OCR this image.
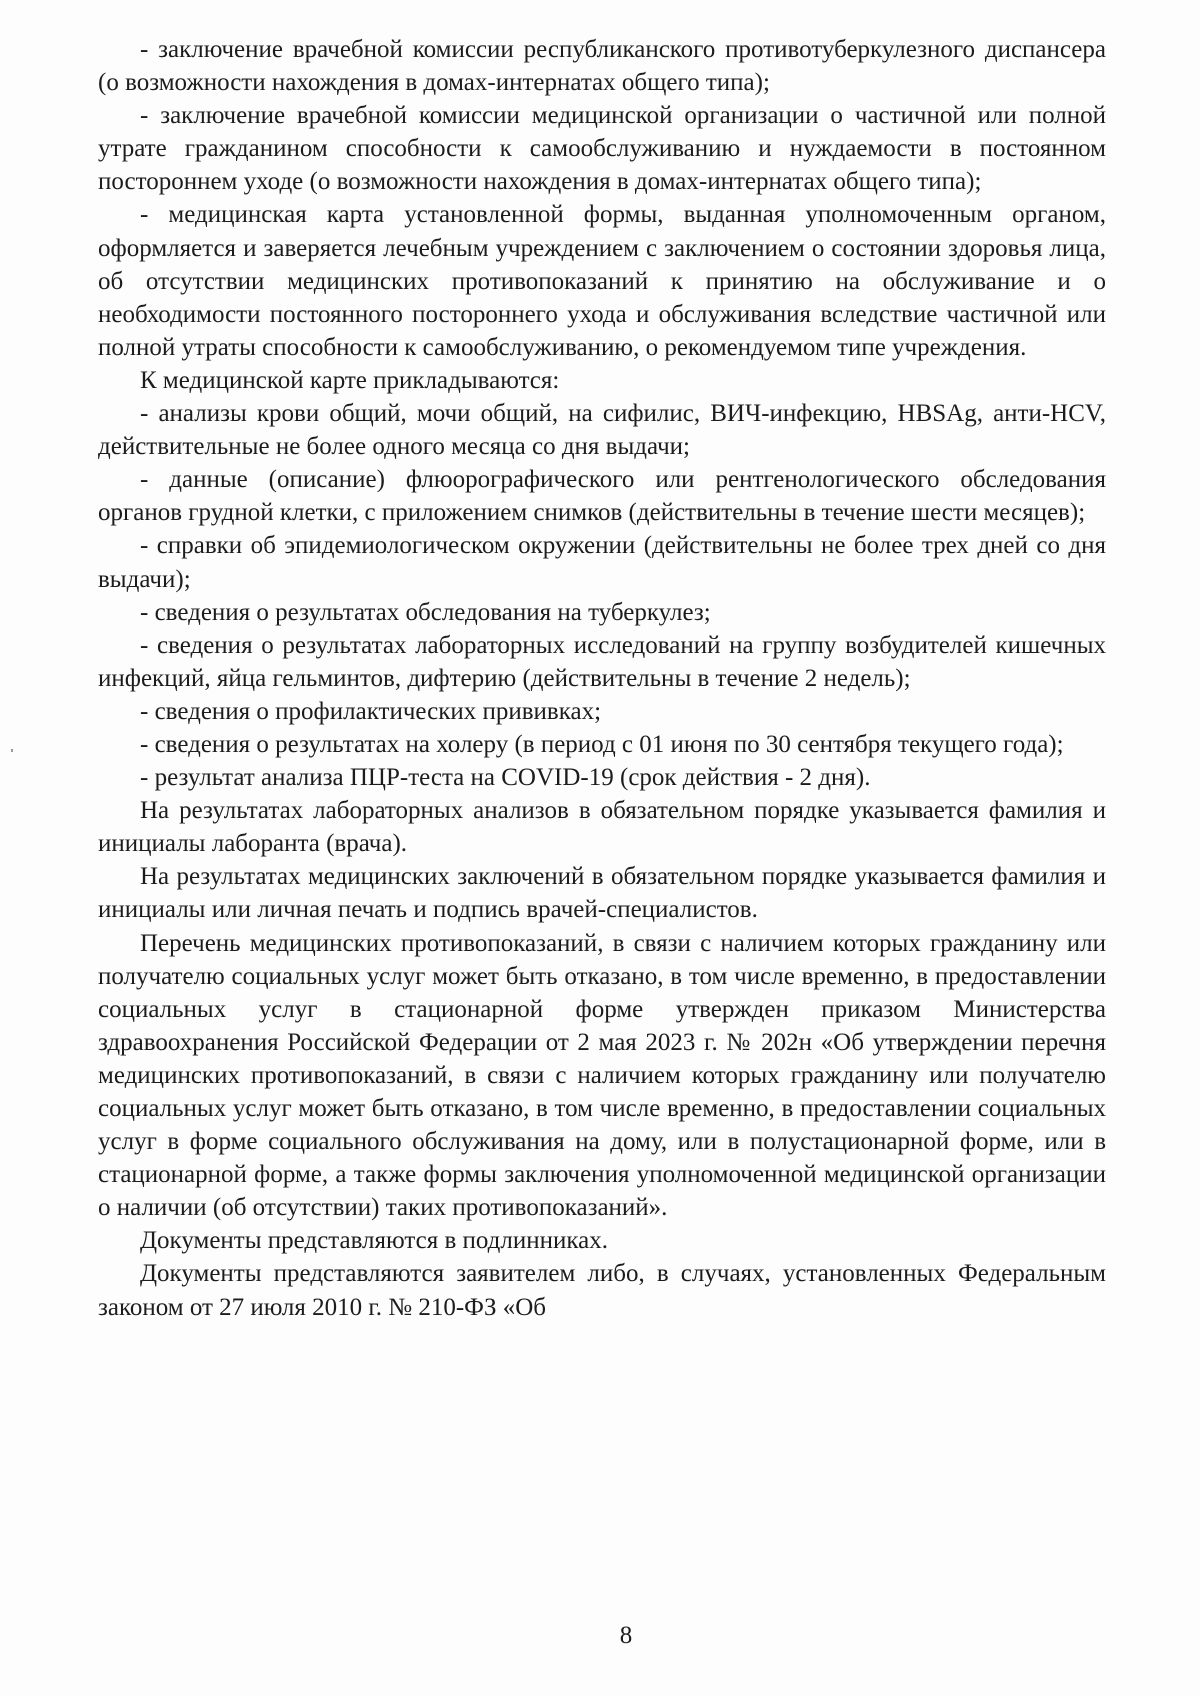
- заключение врачебной комиссии республиканского противотуберкулезного диспансера (о возможности нахождения в домах-интернатах общего типа);

- заключение врачебной комиссии медицинской организации о частичной или полной утрате гражданином способности к самообслуживанию и нуждаемости в постоянном постороннем уходе (о возможности нахождения в домах-интернатах общего типа);

- медицинская карта установленной формы, выданная уполномоченным органом, оформляется и заверяется лечебным учреждением с заключением о состоянии здоровья лица, об отсутствии медицинских противопоказаний к принятию на обслуживание и о необходимости постоянного постороннего ухода и обслуживания вследствие частичной или полной утраты способности к самообслуживанию, о рекомендуемом типе учреждения.

К медицинской карте прикладываются:

- анализы крови общий, мочи общий, на сифилис, ВИЧ-инфекцию, HBSAg, анти-HCV, действительные не более одного месяца со дня выдачи;

- данные (описание) флюорографического или рентгенологического обследования органов грудной клетки, с приложением снимков (действительны в течение шести месяцев);

- справки об эпидемиологическом окружении (действительны не более трех дней со дня выдачи);

- сведения о результатах обследования на туберкулез;

- сведения о результатах лабораторных исследований на группу возбудителей кишечных инфекций, яйца гельминтов, дифтерию (действительны в течение 2 недель);

- сведения о профилактических прививках;

- сведения о результатах на холеру (в период с 01 июня по 30 сентября текущего года);

- результат анализа ПЦР-теста на COVID-19 (срок действия - 2 дня).

На результатах лабораторных анализов в обязательном порядке указывается фамилия и инициалы лаборанта (врача).

На результатах медицинских заключений в обязательном порядке указывается фамилия и инициалы или личная печать и подпись врачей-специалистов.

Перечень медицинских противопоказаний, в связи с наличием которых гражданину или получателю социальных услуг может быть отказано, в том числе временно, в предоставлении социальных услуг в стационарной форме утвержден приказом Министерства здравоохранения Российской Федерации от 2 мая 2023 г. № 202н «Об утверждении перечня медицинских противопоказаний, в связи с наличием которых гражданину или получателю социальных услуг может быть отказано, в том числе временно, в предоставлении социальных услуг в форме социального обслуживания на дому, или в полустационарной форме, или в стационарной форме, а также формы заключения уполномоченной медицинской организации о наличии (об отсутствии) таких противопоказаний».

Документы представляются в подлинниках.

Документы представляются заявителем либо, в случаях, установленных Федеральным законом от 27 июля 2010 г. № 210-ФЗ «Об

8
